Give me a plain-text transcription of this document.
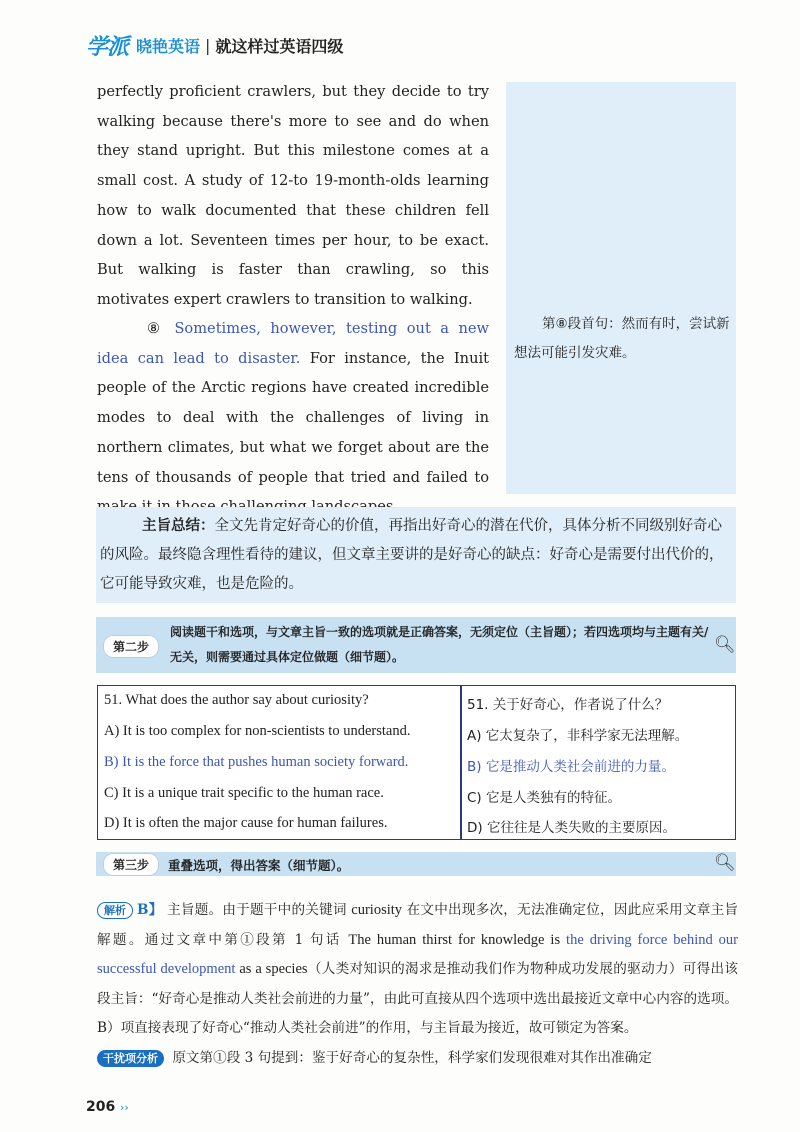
学派 晓艳英语 | 就这样过英语四级
第⑧段首句：然而有时，尝试新想法可能引发灾难。
perfectly proficient crawlers, but they decide to try walking because there's more to see and do when they stand upright. But this milestone comes at a small cost. A study of 12-to 19-month-olds learning how to walk documented that these children fell down a lot. Seventeen times per hour, to be exact. But walking is faster than crawling, so this motivates expert crawlers to transition to walking.
⑧ Sometimes, however, testing out a new idea can lead to disaster. For instance, the Inuit people of the Arctic regions have created incredible modes to deal with the challenges of living in northern climates, but what we forget about are the tens of thousands of people that tried and failed to
主旨总结：全文先肯定好奇心的价值，再指出好奇心的潜在代价，具体分析不同级别好奇心的风险。最终隐含理性看待的建议，但文章主要讲的是好奇心的缺点：好奇心是需要付出代价的，它可能导致灾难，也是危险的。
第二步
阅读题干和选项，与文章主旨一致的选项就是正确答案，无须定位（主旨题）；若四选项均与主题有关/无关，则需要通过具体定位做题（细节题）。
🔍︎
51. What does the author say about curiosity?
A) It is too complex for non-scientists to understand.
B) It is the force that pushes human society forward.
C) It is a unique trait specific to the human race.
D) It is often the major cause for human failures.
51. 关于好奇心，作者说了什么？
A) 它太复杂了，非科学家无法理解。
B) 它是推动人类社会前进的力量。
C) 它是人类独有的特征。
D) 它往往是人类失败的主要原因。
第三步	重叠选项，得出答案（细节题）。	🔍︎
解析 B】 主旨题。由于题干中的关键词 curiosity 在文中出现多次，无法准确定位，因此应采用文章主旨解题。通过文章中第①段第 1 句话 The human thirst for knowledge is the driving force behind our successful development as a species（人类对知识的渴求是推动我们作为物种成功发展的驱动力）可得出该段主旨：“好奇心是推动人类社会前进的力量”，由此可直接从四个选项中选出最接近文章中心内容的选项。B）项直接表现了好奇心“推动人类社会前进”的作用，与主旨最为接近，故可锁定为答案。
干扰项分析 原文第①段 3 句提到：鉴于好奇心的复杂性，科学家们发现很难对其作出准确定
206 ››
